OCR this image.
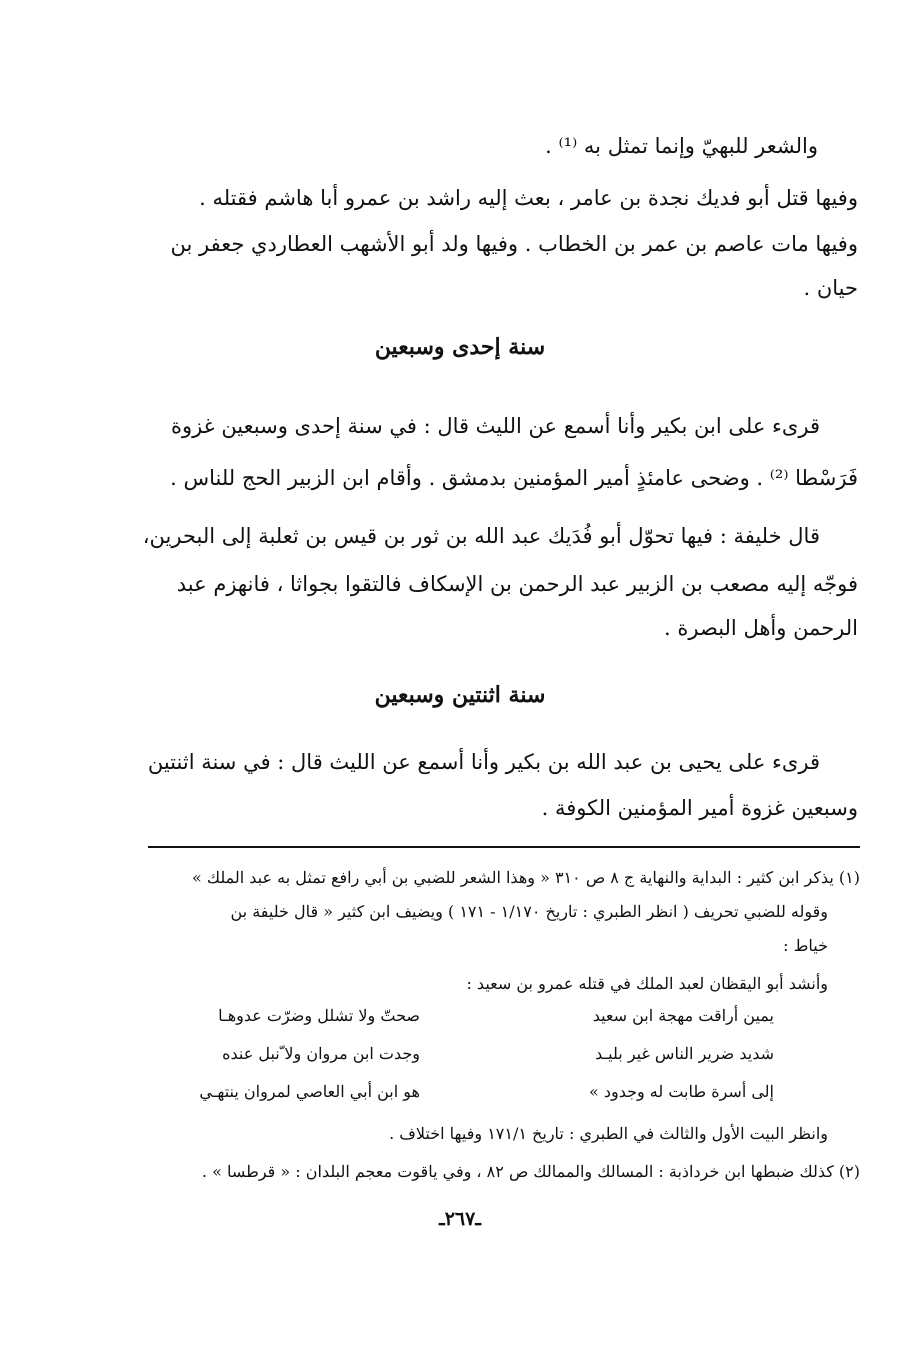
والشعر للبهيّ وإنما تمثل به ⁽¹⁾ .
وفيها قتل أبو فديك نجدة بن عامر ، بعث إليه راشد بن عمرو أبا هاشم فقتله .
وفيها مات عاصم بن عمر بن الخطاب . وفيها ولد أبو الأشهب العطاردي جعفر بن
حيان .
سنة إحدى وسبعين
قرىء على ابن بكير وأنا أسمع عن الليث قال : في سنة إحدى وسبعين غزوة
فَرَسْطا ⁽²⁾ . وضحى عامئذٍ أمير المؤمنين بدمشق . وأقام ابن الزبير الحج للناس .
قال خليفة : فيها تحوّل أبو فُدَيك عبد الله بن ثور بن قيس بن ثعلبة إلى البحرين،
فوجّه إليه مصعب بن الزبير عبد الرحمن بن الإسكاف فالتقوا بجواثا ، فانهزم عبد
الرحمن وأهل البصرة .
سنة اثنتين وسبعين
قرىء على يحيى بن عبد الله بن بكير وأنا أسمع عن الليث قال : في سنة اثنتين
وسبعين غزوة أمير المؤمنين الكوفة .
(١) يذكر ابن كثير : البداية والنهاية ج ٨ ص ٣١٠ « وهذا الشعر للضبي بن أبي رافع تمثل به عبد الملك »
وقوله للضبي تحريف ( انظر الطبري : تاريخ ١/١٧٠ - ١٧١ ) ويضيف ابن كثير « قال خليفة بن
خياط :
وأنشد أبو اليقظان لعبد الملك في قتله عمرو بن سعيد :
صحتّ ولا تشلل وضرّت عدوهـا	يمين أراقت مهجة ابن سعيد
وجدت ابن مروان ولا ّنبل عنده	شديد ضرير الناس غير بليـد
هو ابن أبي العاصي لمروان ينتهـي	إلى أسرة طابت له وجدود »
وانظر البيت الأول والثالث في الطبري : تاريخ ١٧١/١ وفيها اختلاف .
(٢) كذلك ضبطها ابن خرداذبة : المسالك والممالك ص ٨٢ ، وفي ياقوت معجم البلدان : « قرطسا » .
ـ٢٦٧ـ
